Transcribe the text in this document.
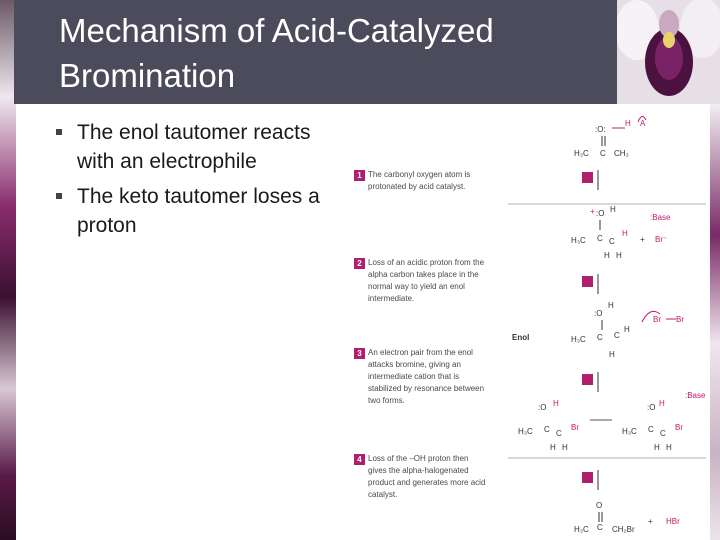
Mechanism of Acid-Catalyzed Bromination
The enol tautomer reacts with an electrophile
The keto tautomer loses a proton
1 The carbonyl oxygen atom is protonated by acid catalyst.
2 Loss of an acidic proton from the alpha carbon takes place in the normal way to yield an enol intermediate.
3 An electron pair from the enol attacks bromine, giving an intermediate cation that is stabilized by resonance between two forms.
4 Loss of the –OH proton then gives the alpha-halogenated product and generates more acid catalyst.
:O:
H₃C C CH₃
H A
+ :O H
H₃C C C
H
H H
:Base
+ Br⁻
:O
H
H₃C C C
H
H
Br Br
Enol
:O H
H₃C C C
Br
H H
:O H
H₃C C C
Br
H H
:Base
O
H₃C C CH₂Br
+ HBr
